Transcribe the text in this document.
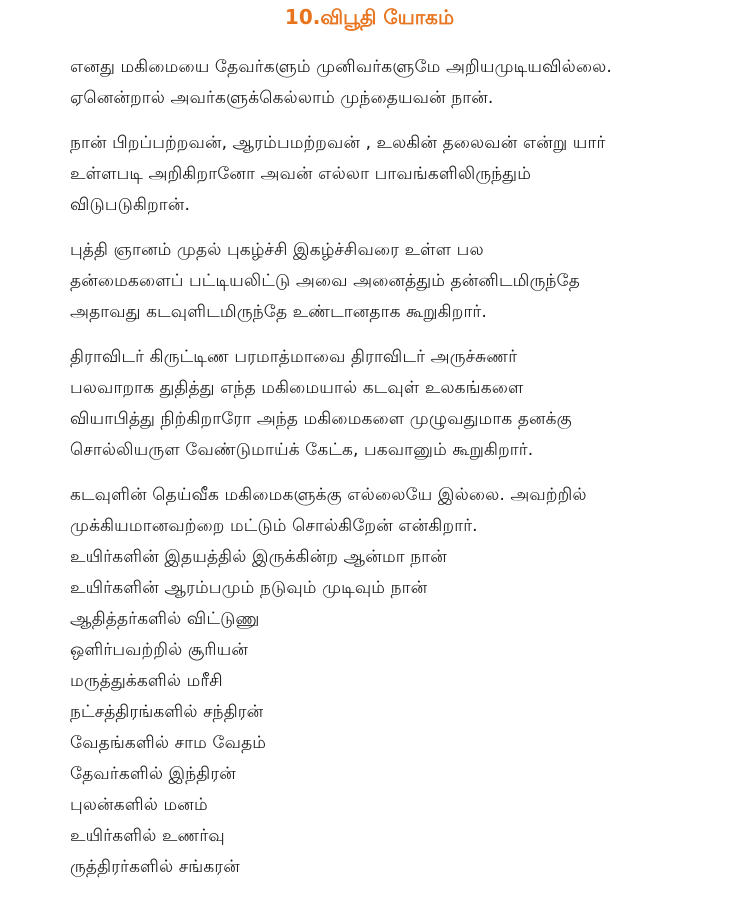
10.விபூதி யோகம்
எனது மகிமையை தேவர்களும் முனிவர்களுமே அறியமுடியவில்லை.
ஏனென்றால் அவர்களுக்கெல்லாம் முந்தையவன் நான்.
நான் பிறப்பற்றவன், ஆரம்பமற்றவன் , உலகின் தலைவன் என்று யார்
உள்ளபடி அறிகிறானோ அவன் எல்லா பாவங்களிலிருந்தும்
விடுபடுகிறான்.
புத்தி ஞானம் முதல் புகழ்ச்சி இகழ்ச்சிவரை உள்ள பல
தன்மைகளைப் பட்டியலிட்டு அவை அனைத்தும் தன்னிடமிருந்தே
அதாவது கடவுளிடமிருந்தே உண்டானதாக கூறுகிறார்.
திராவிடர் கிருட்டிண பரமாத்மாவை திராவிடர் அருச்சுணர்
பலவாறாக துதித்து எந்த மகிமையால் கடவுள் உலகங்களை
வியாபித்து நிற்கிறாரோ அந்த மகிமைகளை முழுவதுமாக தனக்கு
சொல்லியருள வேண்டுமாய்க் கேட்க, பகவானும் கூறுகிறார்.
கடவுளின் தெய்வீக மகிமைகளுக்கு எல்லையே இல்லை. அவற்றில்
முக்கியமானவற்றை மட்டும் சொல்கிறேன் என்கிறார்.
உயிர்களின் இதயத்தில் இருக்கின்ற ஆன்மா நான்
உயிர்களின் ஆரம்பமும் நடுவும் முடிவும் நான்
ஆதித்தர்களில் விட்டுணு
ஒளிர்பவற்றில் சூரியன்
மருத்துக்களில் மரீசி
நட்சத்திரங்களில் சந்திரன்
வேதங்களில் சாம வேதம்
தேவர்களில் இந்திரன்
புலன்களில் மனம்
உயிர்களில் உணர்வு
ருத்திரர்களில் சங்கரன்
